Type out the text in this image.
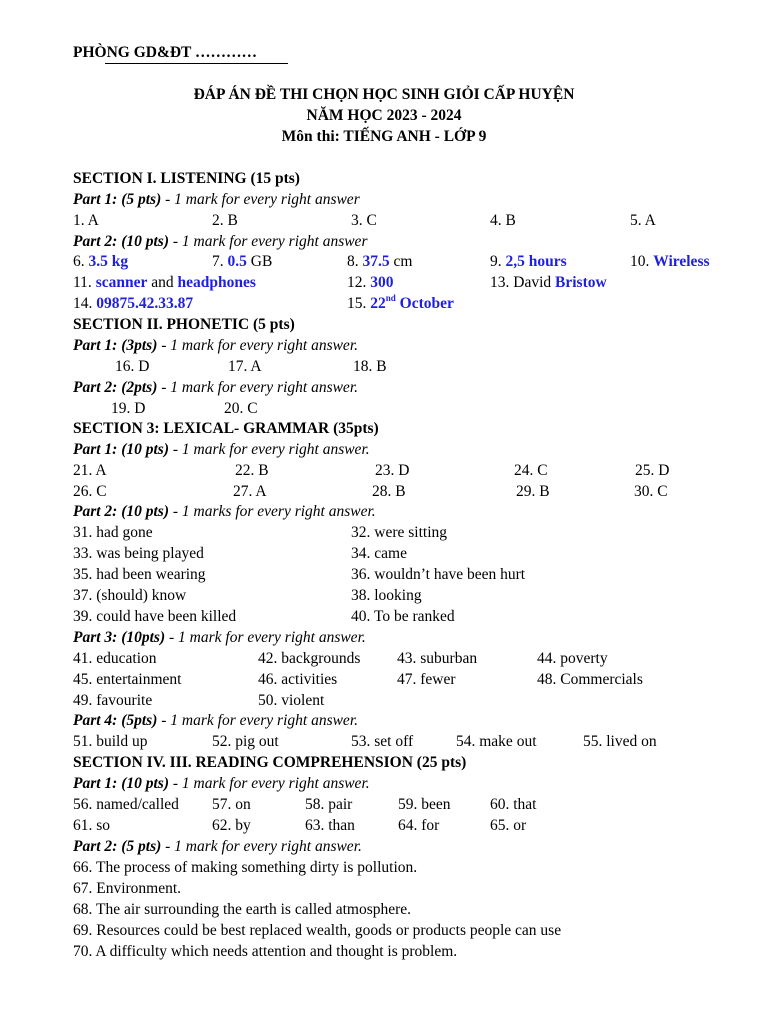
PHÒNG GD&ĐT …………
ĐÁP ÁN ĐỀ THI CHỌN HỌC SINH GIỎI CẤP HUYỆN
NĂM HỌC 2023 - 2024
Môn thi: TIẾNG ANH - LỚP 9
SECTION I. LISTENING (15 pts)
Part 1: (5 pts) - 1 mark for every right answer
1. A	2. B	3. C	4. B	5. A
Part 2: (10 pts) - 1 mark for every right answer
6. 3.5 kg	7. 0.5 GB	8. 37.5 cm	9. 2,5 hours	10. Wireless
11. scanner and headphones	12. 300	13. David Bristow
14. 09875.42.33.87	15. 22nd October
SECTION II. PHONETIC (5 pts)
Part 1: (3pts) - 1 mark for every right answer.
16. D	17. A	18. B
Part 2: (2pts) - 1 mark for every right answer.
19. D	20. C
SECTION 3: LEXICAL- GRAMMAR (35pts)
Part 1: (10 pts) - 1 mark for every right answer.
21. A	22. B	23. D	24. C	25. D
26. C	27. A	28. B	29. B	30. C
Part 2: (10 pts) - 1 marks for every right answer.
31. had gone	32. were sitting
33. was being played	34. came
35. had been wearing	36. wouldn’t have been hurt
37. (should) know	38. looking
39. could have been killed	40. To be ranked
Part 3: (10pts) - 1 mark for every right answer.
41. education	42. backgrounds 43. suburban	44. poverty
45. entertainment	46. activities	47. fewer	48. Commercials
49. favourite	50. violent
Part 4: (5pts) - 1 mark for every right answer.
51. build up	52. pig out	53. set off	54. make out	55. lived on
SECTION IV. III. READING COMPREHENSION (25 pts)
Part 1: (10 pts) - 1 mark for every right answer.
56. named/called 57. on	58. pair	59. been	60. that
61. so	62. by	63. than	64. for	65. or
Part 2: (5 pts) - 1 mark for every right answer.
66. The process of making something dirty is pollution.
67. Environment.
68. The air surrounding the earth is called atmosphere.
69. Resources could be best replaced wealth, goods or products people can use
70. A difficulty which needs attention and thought is problem.
